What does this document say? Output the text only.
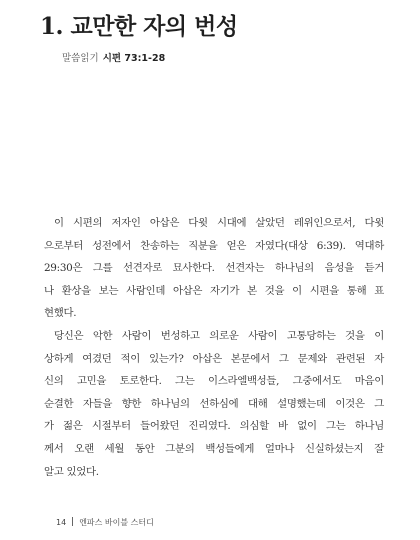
1. 교만한 자의 번성
말씀읽기 시편 73:1-28
이 시편의 저자인 아삽은 다윗 시대에 살았던 레위인으로서, 다윗
으로부터 성전에서 찬송하는 직분을 얻은 자였다(대상 6:39). 역대하
29:30은 그를 선견자로 묘사한다. 선견자는 하나님의 음성을 듣거
나 환상을 보는 사람인데 아삽은 자기가 본 것을 이 시편을 통해 표
현했다.
당신은 악한 사람이 번성하고 의로운 사람이 고통당하는 것을 이
상하게 여겼던 적이 있는가? 아삽은 본문에서 그 문제와 관련된 자
신의 고민을 토로한다. 그는 이스라엘백성들, 그중에서도 마음이
순결한 자들을 향한 하나님의 선하심에 대해 설명했는데 이것은 그
가 젊은 시절부터 들어왔던 진리였다. 의심할 바 없이 그는 하나님
께서 오랜 세월 동안 그분의 백성들에게 얼마나 신실하셨는지 잘
알고 있었다.
14 엔파스 바이블 스터디
